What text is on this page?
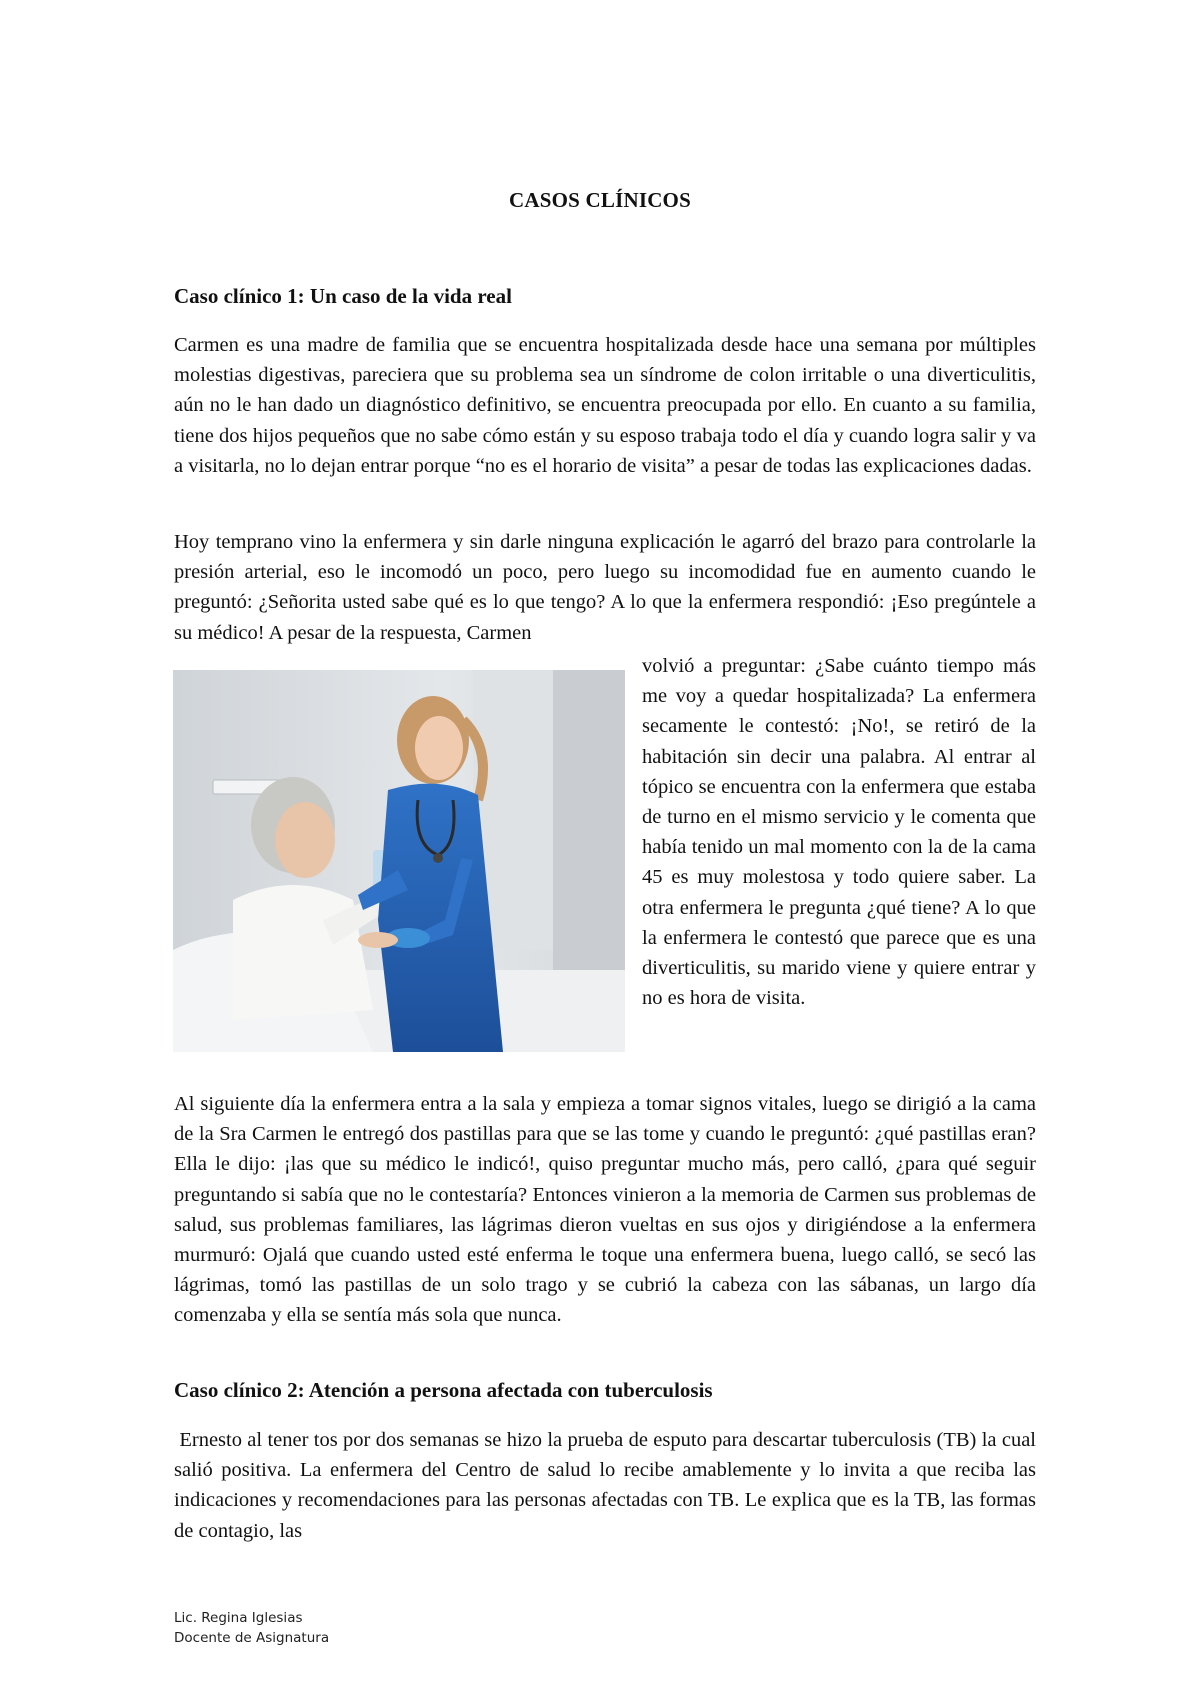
CASOS CLÍNICOS
Caso clínico 1: Un caso de la vida real

Carmen es una madre de familia que se encuentra hospitalizada desde hace una semana por múltiples molestias digestivas, pareciera que su problema sea un síndrome de colon irritable o una diverticulitis, aún no le han dado un diagnóstico definitivo, se encuentra preocupada por ello. En cuanto a su familia, tiene dos hijos pequeños que no sabe cómo están y su esposo trabaja todo el día y cuando logra salir y va a visitarla, no lo dejan entrar porque “no es el horario de visita” a pesar de todas las explicaciones dadas.

Hoy temprano vino la enfermera y sin darle ninguna explicación le agarró del brazo para controlarle la presión arterial, eso le incomodó un poco, pero luego su incomodidad fue en aumento cuando le preguntó: ¿Señorita usted sabe qué es lo que tengo? A lo que la enfermera respondió: ¡Eso pregúntele a su médico! A pesar de la respuesta, Carmen

volvió a preguntar: ¿Sabe cuánto tiempo más me voy a quedar hospitalizada? La enfermera secamente le contestó: ¡No!, se retiró de la habitación sin decir una palabra. Al entrar al tópico se encuentra con la enfermera que estaba de turno en el mismo servicio y le comenta que había tenido un mal momento con la de la cama 45 es muy molestosa y todo quiere saber. La otra enfermera le pregunta ¿qué tiene? A lo que la enfermera le contestó que parece que es una diverticulitis, su marido viene y quiere entrar y no es hora de visita.

Al siguiente día la enfermera entra a la sala y empieza a tomar signos vitales, luego se dirigió a la cama de la Sra Carmen le entregó dos pastillas para que se las tome y cuando le preguntó: ¿qué pastillas eran? Ella le dijo: ¡las que su médico le indicó!, quiso preguntar mucho más, pero calló, ¿para qué seguir preguntando si sabía que no le contestaría? Entonces vinieron a la memoria de Carmen sus problemas de salud, sus problemas familiares, las lágrimas dieron vueltas en sus ojos y dirigiéndose a la enfermera murmuró: Ojalá que cuando usted esté enferma le toque una enfermera buena, luego calló, se secó las lágrimas, tomó las pastillas de un solo trago y se cubrió la cabeza con las sábanas, un largo día comenzaba y ella se sentía más sola que nunca.

Caso clínico 2: Atención a persona afectada con tuberculosis

Ernesto al tener tos por dos semanas se hizo la prueba de esputo para descartar tuberculosis (TB) la cual salió positiva. La enfermera del Centro de salud lo recibe amablemente y lo invita a que reciba las indicaciones y recomendaciones para las personas afectadas con TB. Le explica que es la TB, las formas de contagio, las

Lic. Regina Iglesias
Docente de Asignatura
